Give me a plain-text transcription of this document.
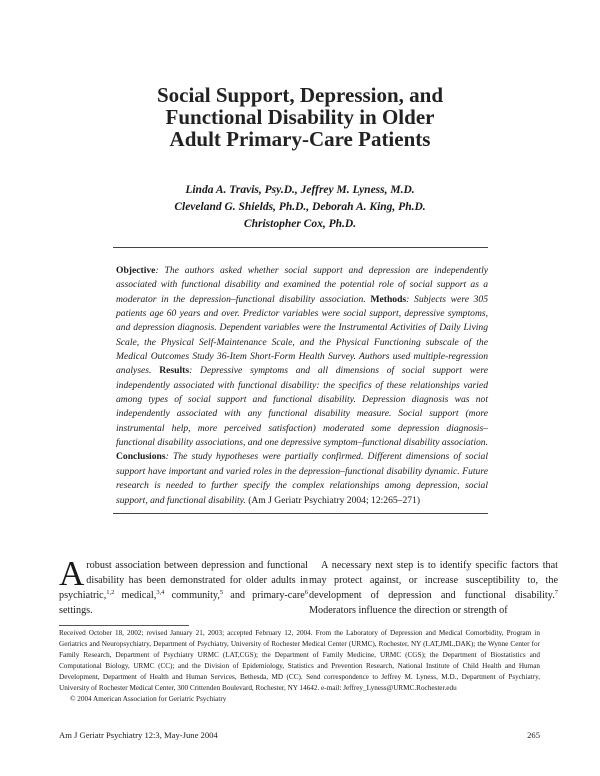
Social Support, Depression, and
Functional Disability in Older
Adult Primary-Care Patients
Linda A. Travis, Psy.D., Jeffrey M. Lyness, M.D.
Cleveland G. Shields, Ph.D., Deborah A. King, Ph.D.
Christopher Cox, Ph.D.
Objective: The authors asked whether social support and depression are independently associated with functional disability and examined the potential role of social support as a moderator in the depression–functional disability association. Methods: Subjects were 305 patients age 60 years and over. Predictor variables were social support, depressive symptoms, and depression diagnosis. Dependent variables were the Instrumental Activities of Daily Living Scale, the Physical Self-Maintenance Scale, and the Physical Functioning subscale of the Medical Outcomes Study 36-Item Short-Form Health Survey. Authors used multiple-regression analyses. Results: Depressive symptoms and all dimensions of social support were independently associated with functional disability: the specifics of these relationships varied among types of social support and functional disability. Depression diagnosis was not independently associated with any functional disability measure. Social support (more instrumental help, more perceived satisfaction) moderated some depression diagnosis–functional disability associations, and one depressive symptom–functional disability association. Conclusions: The study hypotheses were partially confirmed. Different dimensions of social support have important and varied roles in the depression–functional disability dynamic. Future research is needed to further specify the complex relationships among depression, social support, and functional disability. (Am J Geriatr Psychiatry 2004; 12:265–271)
A robust association between depression and functional disability has been demonstrated for older adults in psychiatric,$^{1,2}$ medical,$^{3,4}$ community,$^5$ and primary-care$^6$ settings.
A necessary next step is to identify specific factors that may protect against, or increase susceptibility to, the development of depression and functional disability.$^7$ Moderators influence the direction or strength of
Received October 18, 2002; revised January 21, 2003; accepted February 12, 2004. From the Laboratory of Depression and Medical Comorbidity, Program in Geriatrics and Neuropsychiatry, Department of Psychiatry, University of Rochester Medical Center (URMC), Rochester, NY (LAT,JML,DAK); the Wynne Center for Family Research, Department of Psychiatry URMC (LAT,CGS); the Department of Family Medicine, URMC (CGS); the Department of Biostatistics and Computational Biology, URMC (CC); and the Division of Epidemiology, Statistics and Prevention Research, National Institute of Child Health and Human Development, Department of Health and Human Services, Bethesda, MD (CC). Send correspondence to Jeffrey M. Lyness, M.D., Department of Psychiatry, University of Rochester Medical Center, 300 Crittenden Boulevard, Rochester, NY 14642. e-mail: Jeffrey_Lyness@URMC.Rochester.edu
© 2004 American Association for Geriatric Psychiatry
Am J Geriatr Psychiatry 12:3, May-June 2004	265
